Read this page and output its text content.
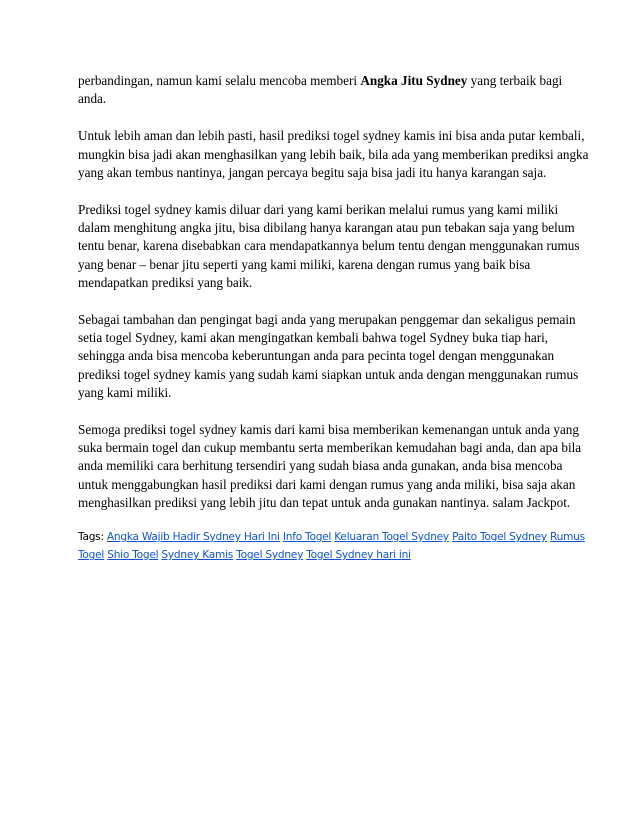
perbandingan, namun kami selalu mencoba memberi Angka Jitu Sydney yang terbaik bagi
anda.

Untuk lebih aman dan lebih pasti, hasil prediksi togel sydney kamis ini bisa anda putar kembali,
mungkin bisa jadi akan menghasilkan yang lebih baik, bila ada yang memberikan prediksi angka
yang akan tembus nantinya, jangan percaya begitu saja bisa jadi itu hanya karangan saja.

Prediksi togel sydney kamis diluar dari yang kami berikan melalui rumus yang kami miliki
dalam menghitung angka jitu, bisa dibilang hanya karangan atau pun tebakan saja yang belum
tentu benar, karena disebabkan cara mendapatkannya belum tentu dengan menggunakan rumus
yang benar – benar jitu seperti yang kami miliki, karena dengan rumus yang baik bisa
mendapatkan prediksi yang baik.

Sebagai tambahan dan pengingat bagi anda yang merupakan penggemar dan sekaligus pemain
setia togel Sydney, kami akan mengingatkan kembali bahwa togel Sydney buka tiap hari,
sehingga anda bisa mencoba keberuntungan anda para pecinta togel dengan menggunakan
prediksi togel sydney kamis yang sudah kami siapkan untuk anda dengan menggunakan rumus
yang kami miliki.

Semoga prediksi togel sydney kamis dari kami bisa memberikan kemenangan untuk anda yang
suka bermain togel dan cukup membantu serta memberikan kemudahan bagi anda, dan apa bila
anda memiliki cara berhitung tersendiri yang sudah biasa anda gunakan, anda bisa mencoba
untuk menggabungkan hasil prediksi dari kami dengan rumus yang anda miliki, bisa saja akan
menghasilkan prediksi yang lebih jitu dan tepat untuk anda gunakan nantinya. salam Jackpot.

Tags: Angka Wajib Hadir Sydney Hari Ini Info Togel Keluaran Togel Sydney Paito Togel Sydney Rumus
Togel Shio Togel Sydney Kamis Togel Sydney Togel Sydney hari ini
